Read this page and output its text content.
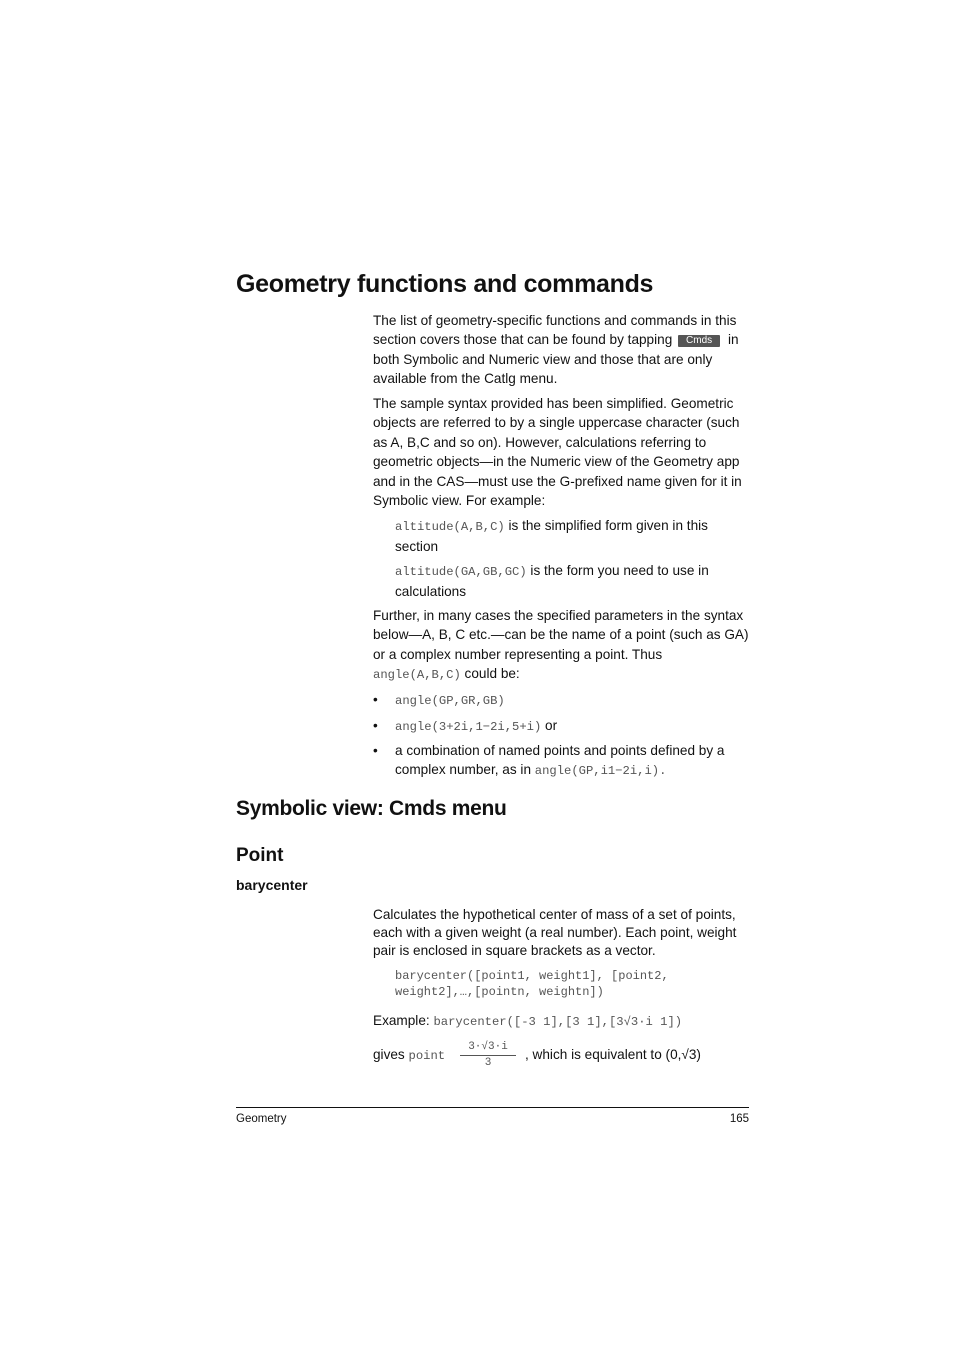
Geometry functions and commands

The list of geometry-specific functions and commands in this section covers those that can be found by tapping Cmds in both Symbolic and Numeric view and those that are only available from the Catlg menu.

The sample syntax provided has been simplified. Geometric objects are referred to by a single uppercase character (such as A, B,C and so on). However, calculations referring to geometric objects—in the Numeric view of the Geometry app and in the CAS—must use the G-prefixed name given for it in Symbolic view. For example:

altitude(A,B,C) is the simplified form given in this section

altitude(GA,GB,GC) is the form you need to use in calculations

Further, in many cases the specified parameters in the syntax below—A, B, C etc.—can be the name of a point (such as GA) or a complex number representing a point. Thus angle(A,B,C) could be:

• angle(GP,GR,GB)

• angle(3+2i,1−2i,5+i) or

• a combination of named points and points defined by a complex number, as in angle(GP,i1−2i,i).

Symbolic view: Cmds menu
Point
barycenter

Calculates the hypothetical center of mass of a set of points, each with a given weight (a real number). Each point, weight pair is enclosed in square brackets as a vector.

barycenter([point1, weight1], [point2,
weight2],…,[pointn, weightn])

Example: barycenter([-3 1],[3 1],[3√3·i 1])

gives point	$\frac{3\cdot√3\cdot i}{3}$ , which is equivalent to (0,√3)
Geometry	165
